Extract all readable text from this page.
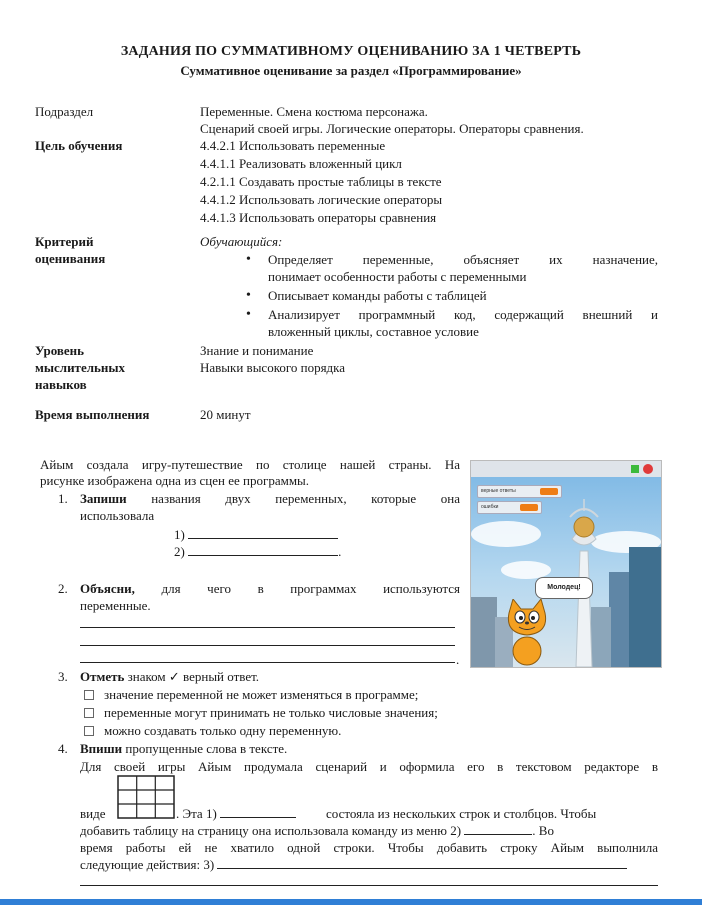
ЗАДАНИЯ ПО СУММАТИВНОМУ ОЦЕНИВАНИЮ ЗА 1 ЧЕТВЕРТЬ
Суммативное оценивание за раздел «Программирование»
Подраздел	Переменные. Смена костюма персонажа.
Сценарий своей игры. Логические операторы. Операторы сравнения.
Цель обучения	4.4.2.1 Использовать переменные
4.4.1.1 Реализовать вложенный цикл
4.2.1.1 Создавать простые таблицы в тексте
4.4.1.2 Использовать логические операторы
4.4.1.3 Использовать операторы сравнения
Критерий
оценивания
Обучающийся:
• Определяет переменные, объясняет их назначение,
понимает особенности работы с переменными
• Описывает команды работы с таблицей
• Анализирует программный код, содержащий внешний и
вложенный циклы, составное условие
Уровень
мыслительных
навыков
Знание и понимание
Навыки высокого порядка
Время выполнения	20 минут
Айым создала игру-путешествие по столице нашей страны. На
рисунке изображена одна из сцен ее программы.
1. Запиши названия двух переменных, которые она
использовала
1)
2)	.
2. Объясни, для чего в программах используются
переменные.
.
3. Отметь знаком ✓ верный ответ.
значение переменной не может изменяться в программе;
переменные могут принимать не только числовые значения;
можно создавать только одну переменную.
4. Впиши пропущенные слова в тексте.
Для своей игры Айым продумала сценарий и оформила его в текстовом редакторе в
виде	. Эта 1)	состояла из нескольких строк и столбцов. Чтобы
добавить таблицу на страницу она использовала команду из меню 2)	. Во
время работы ей не хватило одной строки. Чтобы добавить строку Айым выполнила
следующие действия: 3)
верные ответы
ошибки
Молодец!
